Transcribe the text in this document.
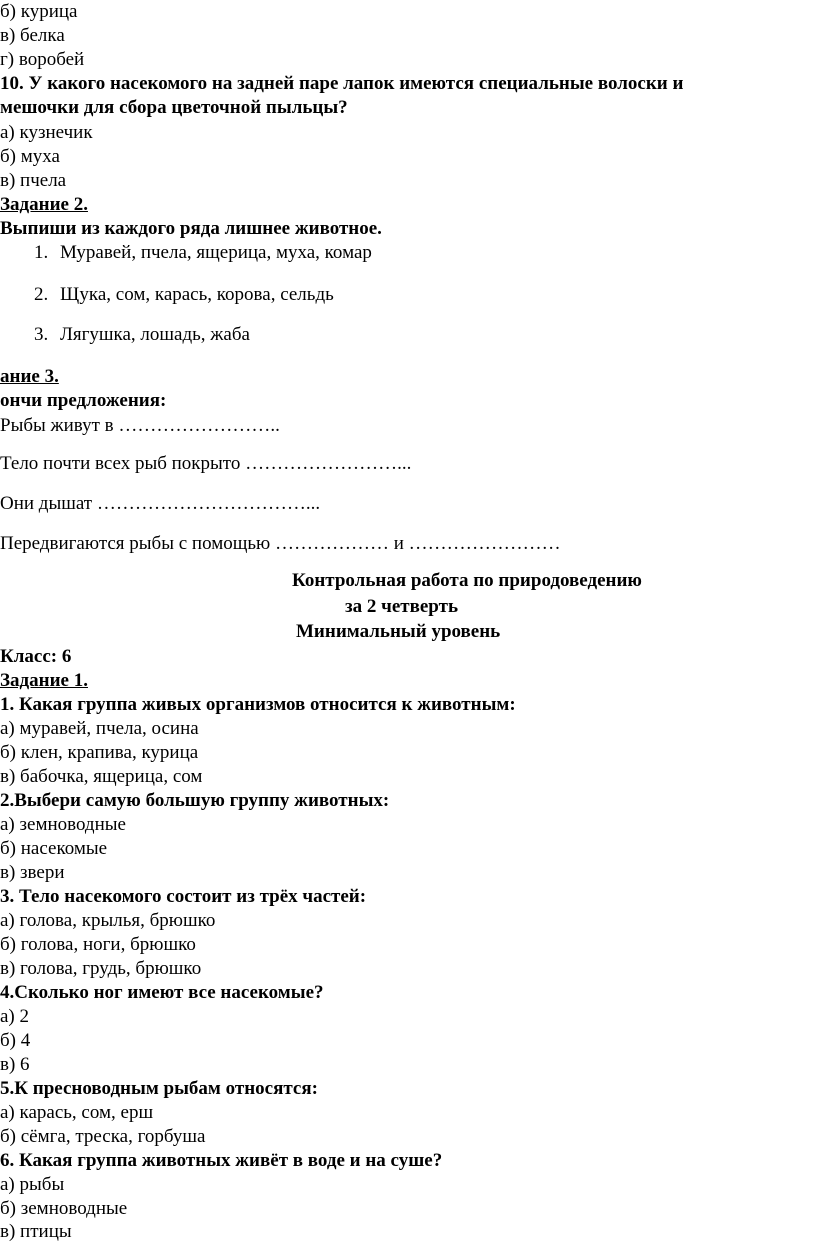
б) курица
в) белка
г) воробей
10. У какого насекомого на задней паре лапок имеются специальные волоски и
мешочки для сбора цветочной пыльцы?
а) кузнечик
б) муха
в) пчела
Задание 2.
Выпиши из каждого ряда лишнее животное.
1. Муравей, пчела, ящерица, муха, комар
2. Щука, сом, карась, корова, сельдь
3. Лягушка, лошадь, жаба
ание 3.
ончи предложения:
Рыбы живут в ……………………..
Тело почти всех рыб покрыто ……………………...
Они дышат ……………………………...
Передвигаются рыбы с помощью ……………… и ……………………
Контрольная работа по природоведению
за 2 четверть
Минимальный уровень
Класс: 6
Задание 1.
1. Какая группа живых организмов относится к животным:
а) муравей, пчела, осина
б) клен, крапива, курица
в) бабочка, ящерица, сом
2.Выбери самую большую группу животных:
а) земноводные
б) насекомые
в) звери
3. Тело насекомого состоит из трёх частей:
а) голова, крылья, брюшко
б) голова, ноги, брюшко
в) голова, грудь, брюшко
4.Сколько ног имеют все насекомые?
а) 2
б) 4
в) 6
5.К пресноводным рыбам относятся:
а) карась, сом, ерш
б) сёмга, треска, горбуша
6. Какая группа животных живёт в воде и на суше?
а) рыбы
б) земноводные
в) птицы
